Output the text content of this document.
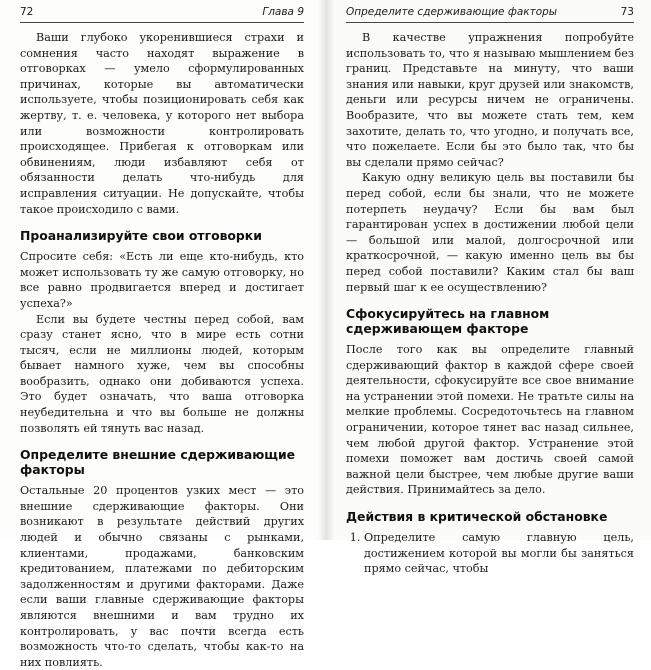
72	Глава 9

Ваши глубоко укоренившиеся страхи и сомнения часто находят выражение в отговорках — умело сформулированных причинах, которые вы автоматически используете, чтобы позиционировать себя как жертву, т. е. человека, у которого нет выбора или возможности контролировать происходящее. Прибегая к отговоркам или обвинениям, люди избавляют себя от обязанности делать что-нибудь для исправления ситуации. Не допускайте, чтобы такое происходило с вами.

Проанализируйте свои отговорки

Спросите себя: «Есть ли еще кто-нибудь, кто может использовать ту же самую отговорку, но все равно продвигается вперед и достигает успеха?»

Если вы будете честны перед собой, вам сразу станет ясно, что в мире есть сотни тысяч, если не миллионы людей, которым бывает намного хуже, чем вы способны вообразить, однако они добиваются успеха. Это будет означать, что ваша отговорка неубедительна и что вы больше не должны позволять ей тянуть вас назад.

Определите внешние сдерживающие факторы

Остальные 20 процентов узких мест — это внешние сдерживающие факторы. Они возникают в результате действий других людей и обычно связаны с рынками, клиентами, продажами, банковским кредитованием, платежами по дебиторским задолженностям и другими факторами. Даже если ваши главные сдерживающие факторы являются внешними и вам трудно их контролировать, у вас почти всегда есть возможность что-то сделать, чтобы как-то на них повлиять.

Определите сдерживающие факторы	73

В качестве упражнения попробуйте использовать то, что я называю мышлением без границ. Представьте на минуту, что ваши знания или навыки, круг друзей или знакомств, деньги или ресурсы ничем не ограничены. Вообразите, что вы можете стать тем, кем захотите, делать то, что угодно, и получать все, что пожелаете. Если бы это было так, что бы вы сделали прямо сейчас?

Какую одну великую цель вы поставили бы перед собой, если бы знали, что не можете потерпеть неудачу? Если бы вам был гарантирован успех в достижении любой цели — большой или малой, долгосрочной или краткосрочной, — какую именно цель вы бы перед собой поставили? Каким стал бы ваш первый шаг к ее осуществлению?

Сфокусируйтесь на главном сдерживающем факторе

После того как вы определите главный сдерживающий фактор в каждой сфере своей деятельности, сфокусируйте все свое внимание на устранении этой помехи. Не тратьте силы на мелкие проблемы. Сосредоточьтесь на главном ограничении, которое тянет вас назад сильнее, чем любой другой фактор. Устранение этой помехи поможет вам достичь своей самой важной цели быстрее, чем любые другие ваши действия. Принимайтесь за дело.

Действия в критической обстановке
1. Определите самую главную цель, достижением которой вы могли бы заняться прямо сейчас, чтобы
